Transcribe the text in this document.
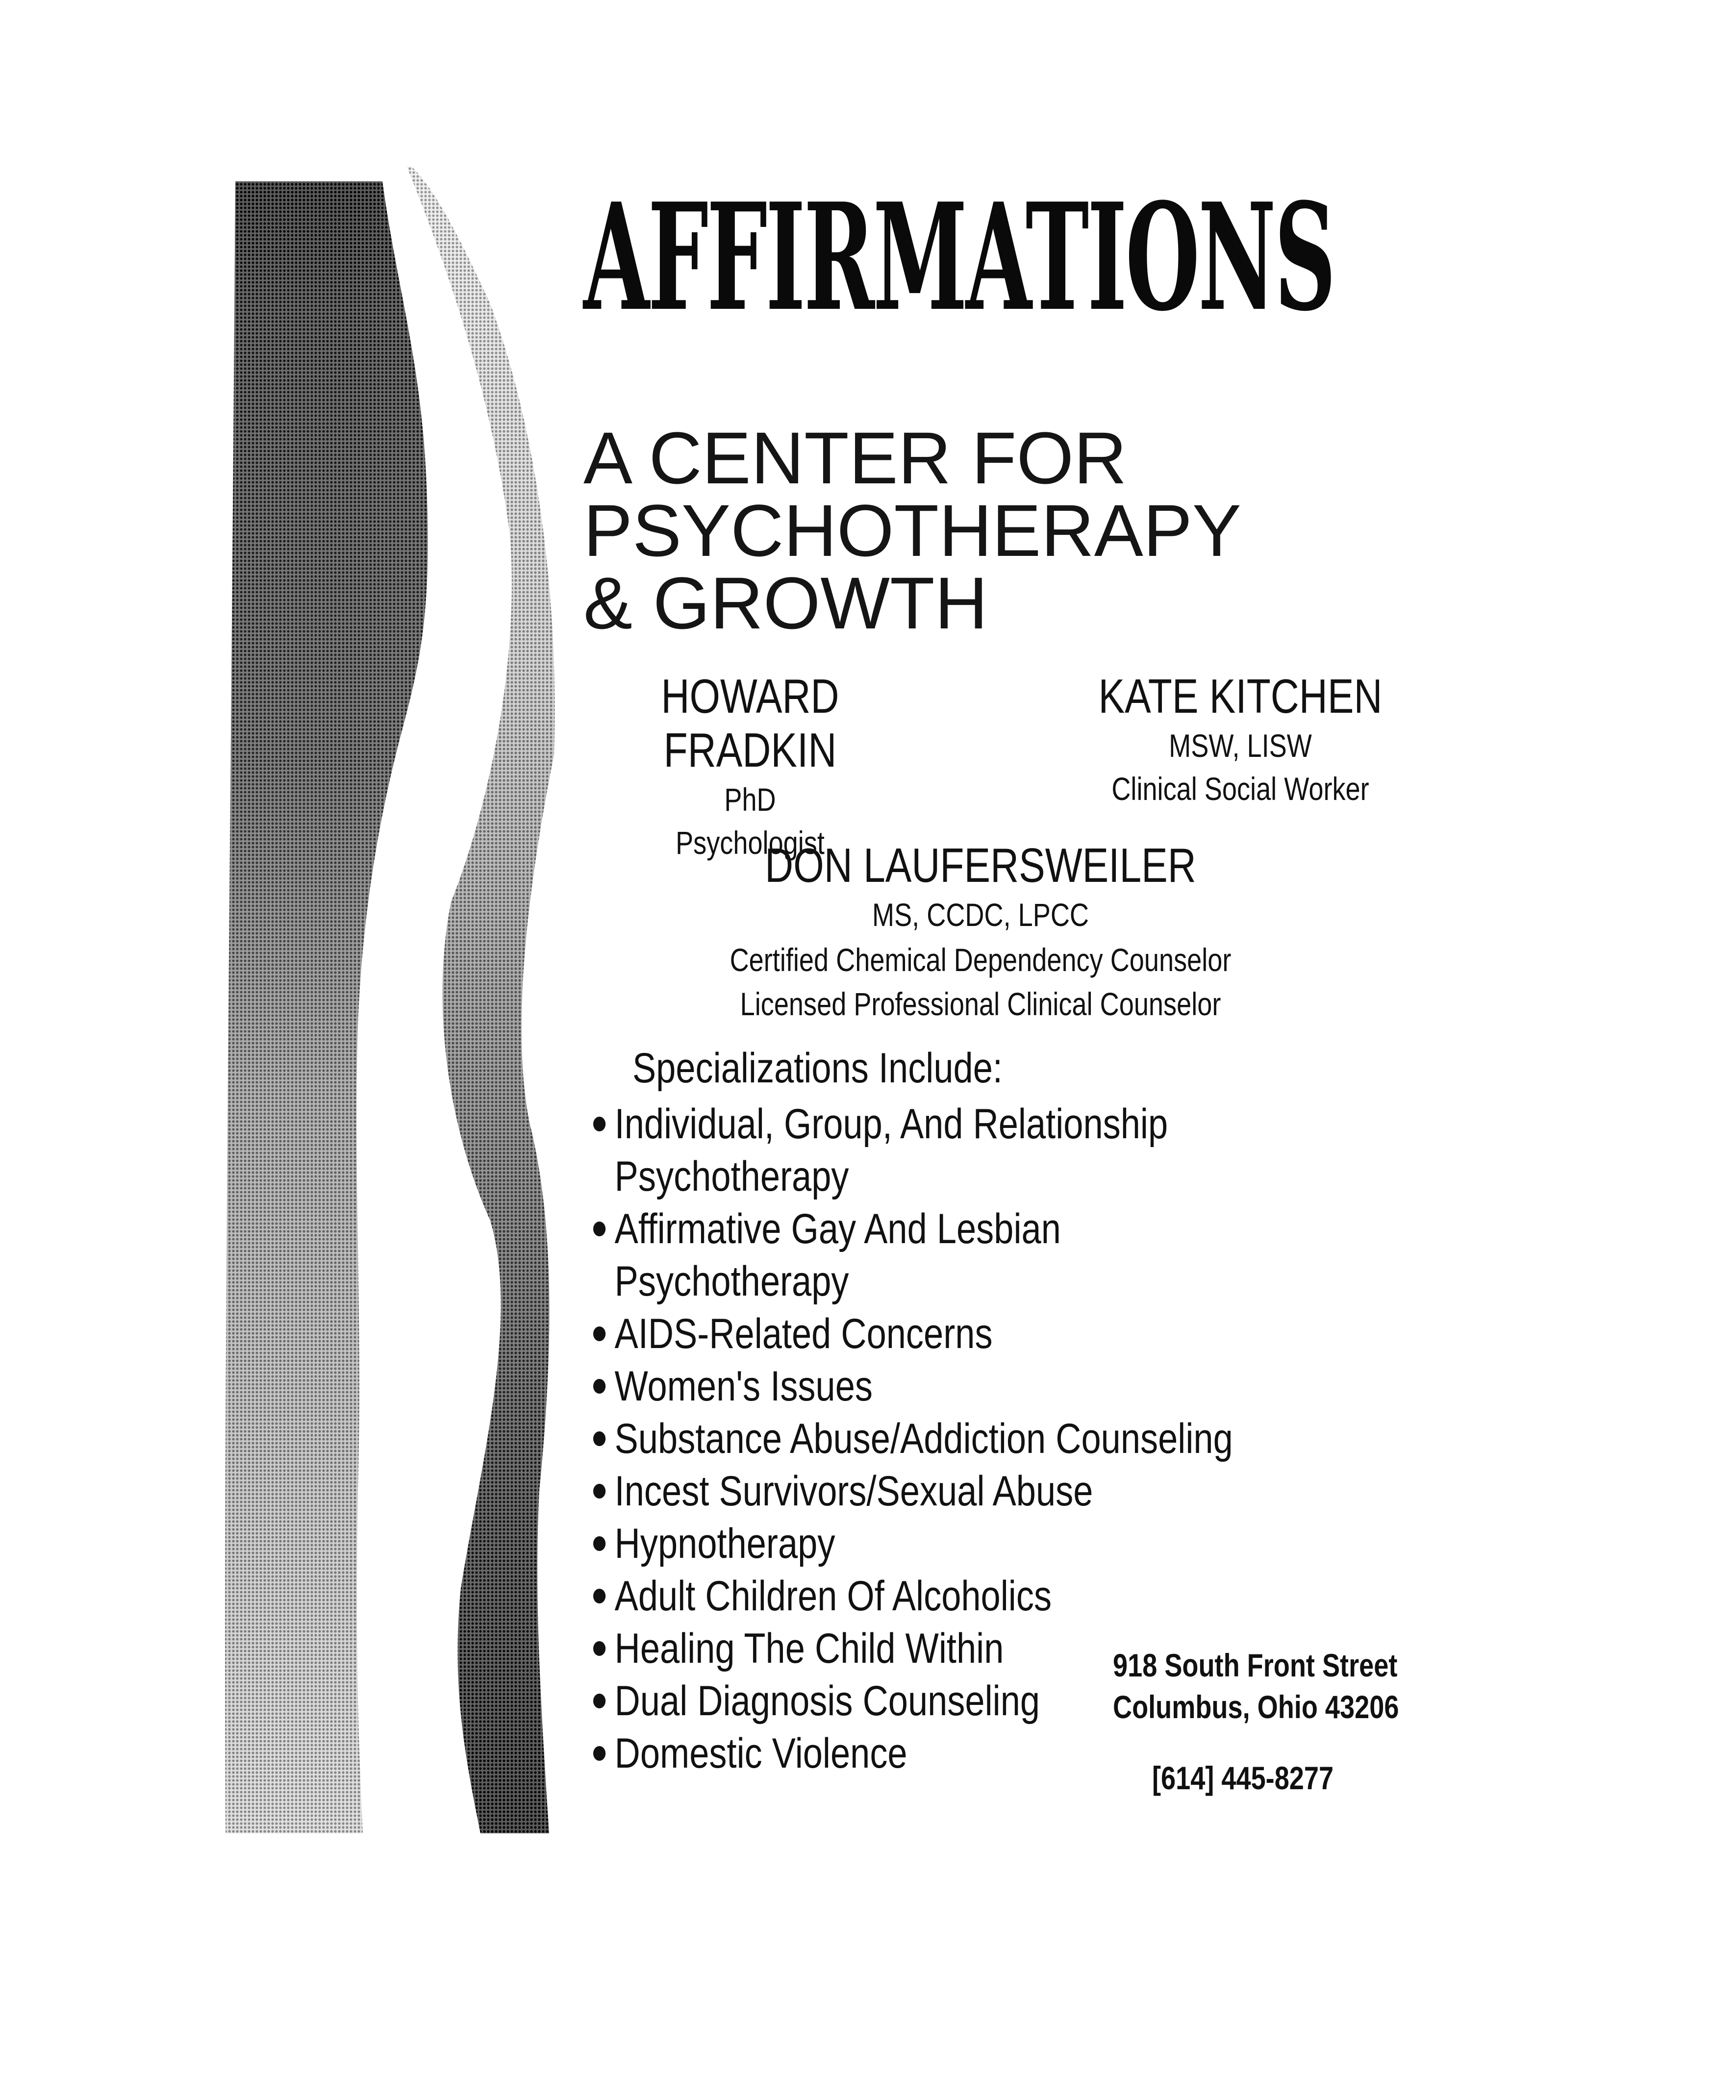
AFFIRMATIONS
A CENTER FOR
PSYCHOTHERAPY
& GROWTH
HOWARD FRADKIN
PhD
Psychologist
KATE KITCHEN
MSW, LISW
Clinical Social Worker
DON LAUFERSWEILER
MS, CCDC, LPCC
Certified Chemical Dependency Counselor
Licensed Professional Clinical Counselor
Specializations Include:
Individual, Group, And Relationship
Psychotherapy
Affirmative Gay And Lesbian
Psychotherapy
AIDS-Related Concerns
Women's Issues
Substance Abuse/Addiction Counseling
Incest Survivors/Sexual Abuse
Hypnotherapy
Adult Children Of Alcoholics
Healing The Child Within
Dual Diagnosis Counseling
Domestic Violence
918 South Front Street
Columbus, Ohio 43206
[614] 445-8277
